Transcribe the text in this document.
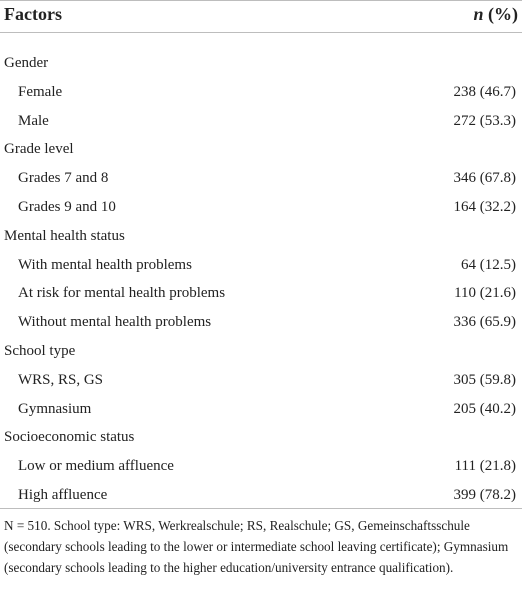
Factors	n (%)
Gender
Female	238 (46.7)
Male	272 (53.3)
Grade level
Grades 7 and 8	346 (67.8)
Grades 9 and 10	164 (32.2)
Mental health status
With mental health problems	64 (12.5)
At risk for mental health problems	110 (21.6)
Without mental health problems	336 (65.9)
School type
WRS, RS, GS	305 (59.8)
Gymnasium	205 (40.2)
Socioeconomic status
Low or medium affluence	111 (21.8)
High affluence	399 (78.2)
N = 510. School type: WRS, Werkrealschule; RS, Realschule; GS, Gemeinschaftsschule (secondary schools leading to the lower or intermediate school leaving certificate); Gymnasium (secondary schools leading to the higher education/university entrance qualification).
